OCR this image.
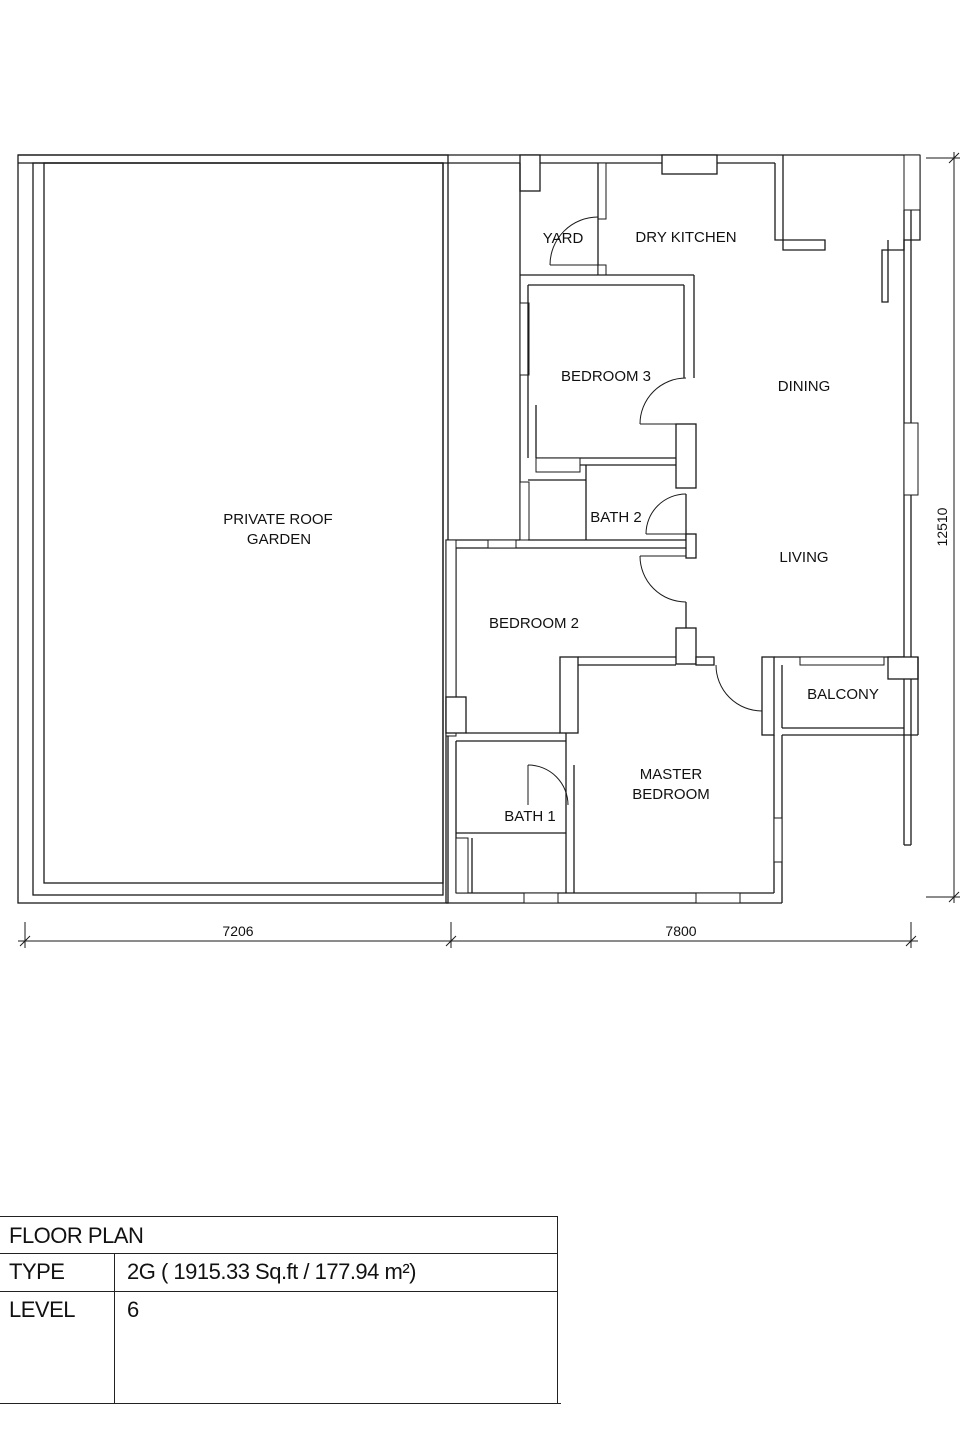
PRIVATE ROOF
GARDEN
YARD	DRY KITCHEN
BEDROOM 3
DINING
BATH 2
LIVING
BEDROOM 2
BALCONY
MASTER
BEDROOM
BATH 1
7206	7800
12510
FLOOR PLAN
TYPE	2G ( 1915.33 Sq.ft / 177.94 m²)
LEVEL	6
